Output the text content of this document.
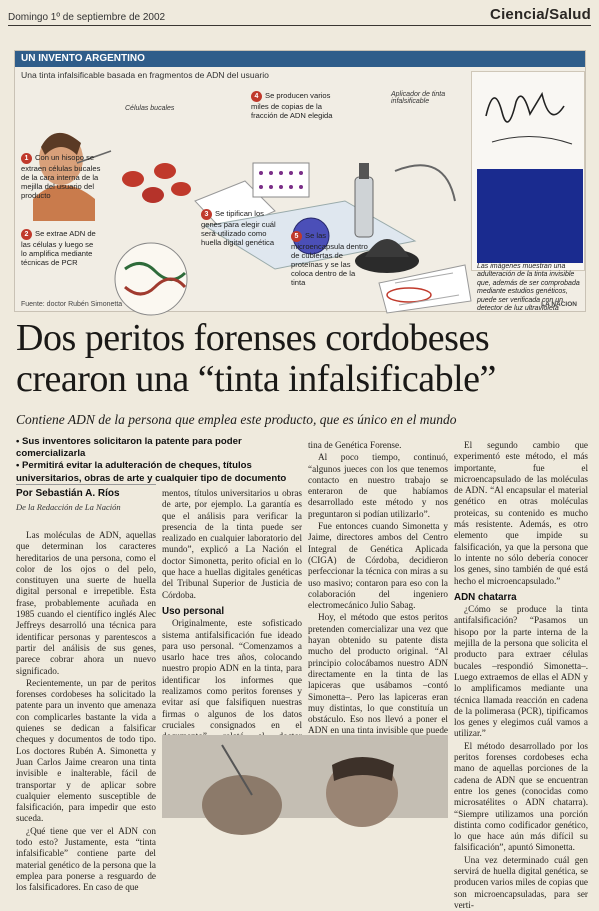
Domingo 1º de septiembre de 2002	Ciencia/Salud
UN INVENTO ARGENTINO
Una tinta infalsificable basada en fragmentos de ADN del usuario
Células bucales
Aplicador de tinta infalsificable
1 Con un hisopo se extraen células bucales de la cara interna de la mejilla del usuario del producto
2 Se extrae ADN de las células y luego se lo amplifica mediante técnicas de PCR
3 Se tipifican los genes para elegir cuál será utilizado como huella digital genética
4 Se producen varios miles de copias de la fracción de ADN elegida
5 Se las microencapsula dentro de cubiertas de proteínas y se las coloca dentro de la tinta
Las imágenes muestran una adulteración de la tinta invisible que, además de ser comprobada mediante estudios genéticos, puede ser verificada con un detector de luz ultravioleta
Fuente: doctor Rubén Simonetta	LA NACION
Dos peritos forenses cordobeses crearon una “tinta infalsificable”
Contiene ADN de la persona que emplea este producto, que es único en el mundo
• Sus inventores solicitaron la patente para poder comercializarla
• Permitirá evitar la adulteración de cheques, títulos universitarios, obras de arte y cualquier tipo de documento
Por Sebastián A. Ríos
De la Redacción de La Nación

Las moléculas de ADN, aquellas que determinan los caracteres hereditarios de una persona, como el color de los ojos o del pelo, constituyen una suerte de huella digital personal e irrepetible. Esta frase, probablemente acuñada en 1985 cuando el científico inglés Alec Jeffreys desarrolló una técnica para identificar personas y parentescos a partir del análisis de sus genes, parece cobrar ahora un nuevo significado.

Recientemente, un par de peritos forenses cordobeses ha solicitado la patente para un invento que amenaza con complicarles bastante la vida a quienes se dedican a falsificar cheques y documentos de todo tipo. Los doctores Rubén A. Simonetta y Juan Carlos Jaime crearon una tinta invisible e inalterable, fácil de transportar y de aplicar sobre cualquier elemento susceptible de falsificación, para impedir que esto suceda.

¿Qué tiene que ver el ADN con todo esto? Justamente, esta “tinta infalsificable” contiene parte del material genético de la persona que la emplea para ponerse a resguardo de los falsificadores. En caso de que

mentos, títulos universitarios u obras de arte, por ejemplo. La garantía es que el análisis para verificar la presencia de la tinta puede ser realizado en cualquier laboratorio del mundo”, explicó a La Nación el doctor Simonetta, perito oficial en lo que hace a huellas digitales genéticas del Tribunal Superior de Justicia de Córdoba.

Uso personal

Originalmente, este sofisticado sistema antifalsificación fue ideado para uso personal. “Comenzamos a usarlo hace tres años, colocando nuestro propio ADN en la tinta, para identificar los informes que realizamos como peritos forenses y evitar así que falsifiquen nuestras firmas o algunos de los datos cruciales consignados en el

tina de Genética Forense.

Al poco tiempo, continuó, “algunos jueces con los que tenemos contacto en nuestro trabajo se enteraron de que habíamos desarrollado este método y nos preguntaron si podían utilizarlo”.

Fue entonces cuando Simonetta y Jaime, directores ambos del Centro Integral de Genética Aplicada (CIGA) de Córdoba, decidieron perfeccionar la técnica con miras a su uso masivo; contaron para eso con la colaboración del ingeniero electromecánico Julio Sabag.

Hoy, el método que estos peritos pretenden comercializar una vez que hayan obtenido su patente dista mucho del producto original. “Al principio colocábamos nuestro ADN directamente en la tinta de las lapiceras que usábamos –contó Simonetta–. Pero las lapiceras eran muy distintas, lo que constituía un obstáculo. Eso nos llevó a poner el ADN en una tinta invisible que puede

El segundo cambio que experimentó este método, el más importante, fue el microencapsulado de las moléculas de ADN. “Al encapsular el material genético en otras moléculas proteicas, su contenido es mucho más resistente. Además, es otro elemento que impide su falsificación, ya que la persona que lo intente no sólo debería conocer los genes, sino también de qué está hecho el microencapsulado.”

ADN chatarra

¿Cómo se produce la tinta antifalsificación? “Pasamos un hisopo por la parte interna de la mejilla de la persona que solicita el producto para extraer células bucales –respondió Simonetta–. Luego extraemos de ellas el ADN y lo amplificamos mediante una técnica llamada reacción en cadena de la polimerasa (PCR), tipificamos los genes y elegimos cuál vamos a utilizar.”

El método desarrollado por los peritos forenses cordobeses echa mano de aquellas porciones de la cadena de ADN que se encuentran entre los genes (conocidas como microsatélites o ADN chatarra). “Siempre utilizamos una porción distinta como codificador genético, lo que hace aún más difícil su falsificación”, apuntó Simonetta.

Una vez determinado cuál gen servirá de huella digital genética, se producen varios miles de copias que son microencapsuladas, para ser verti-
